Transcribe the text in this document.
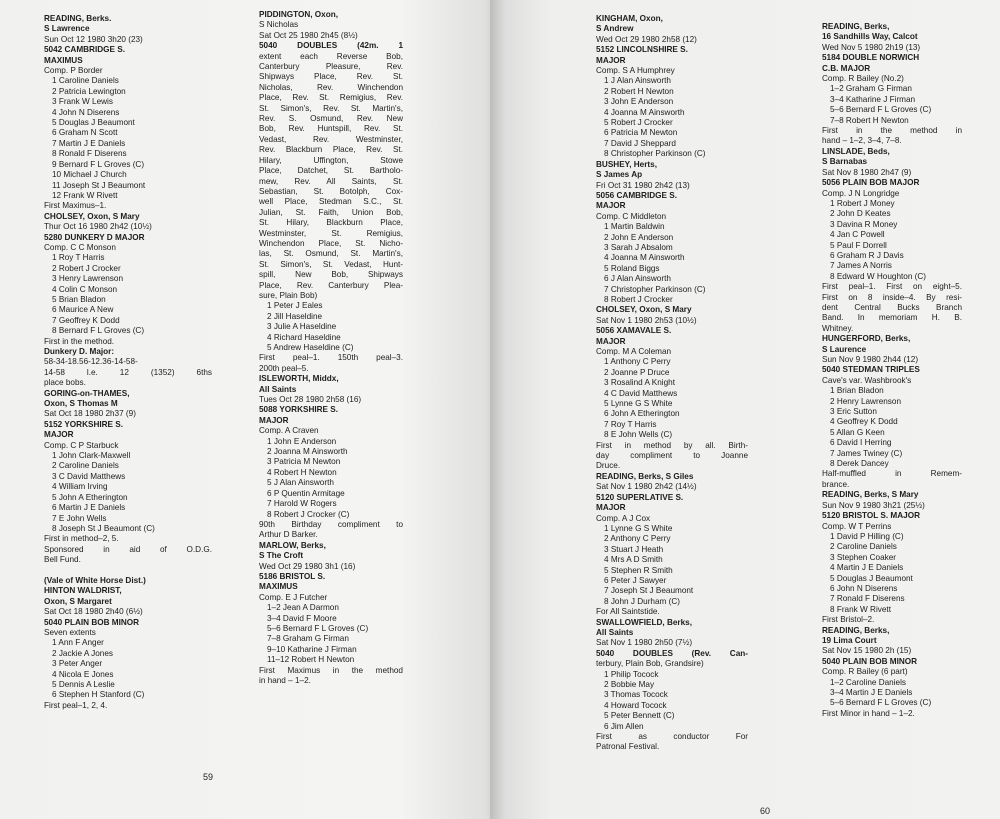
READING, Berks.
S Lawrence
Sun Oct 12 1980 3h20 (23)
5042 CAMBRIDGE S.
MAXIMUS
Comp. P Border
1 Caroline Daniels
2 Patricia Lewington
3 Frank W Lewis
4 John N Diserens
5 Douglas J Beaumont
6 Graham N Scott
7 Martin J E Daniels
8 Ronald F Diserens
9 Bernard F L Groves (C)
10 Michael J Church
11 Joseph St J Beaumont
12 Frank W Rivett
First Maximus–1.
CHOLSEY, Oxon, S Mary
Thur Oct 16 1980 2h42 (10½)
5280 DUNKERY D MAJOR
Comp. C C Monson
1 Roy T Harris
2 Robert J Crocker
3 Henry Lawrenson
4 Colin C Monson
5 Brian Bladon
6 Maurice A New
7 Geoffrey K Dodd
8 Bernard F L Groves (C)
First in the method.
Dunkery D. Major:
58-34-18.56-12.36-14-58-
14-58 l.e. 12 (1352) 6ths
place bobs.
GORING-on-THAMES,
Oxon, S Thomas M
Sat Oct 18 1980 2h37 (9)
5152 YORKSHIRE S.
MAJOR
Comp. C P Starbuck
1 John Clark-Maxwell
2 Caroline Daniels
3 C David Matthews
4 William Irving
5 John A Etherington
6 Martin J E Daniels
7 E John Wells
8 Joseph St J Beaumont (C)
First in method–2, 5.
Sponsored in aid of O.D.G.
Bell Fund.

(Vale of White Horse Dist.)
HINTON WALDRIST,
Oxon, S Margaret
Sat Oct 18 1980 2h40 (6½)
5040 PLAIN BOB MINOR
Seven extents
1 Ann F Anger
2 Jackie A Jones
3 Peter Anger
4 Nicola E Jones
5 Dennis A Leslie
6 Stephen H Stanford (C)
First peal–1, 2, 4.
PIDDINGTON, Oxon,
S Nicholas
Sat Oct 25 1980 2h45 (8½)
5040 DOUBLES (42m. 1
extent each Reverse Bob,
Canterbury Pleasure, Rev.
Shipways Place, Rev. St.
Nicholas, Rev. Winchendon
Place, Rev. St. Remigius, Rev.
St. Simon's, Rev. St. Martin's,
Rev. S. Osmund, Rev. New
Bob, Rev. Huntspill, Rev. St.
Vedast, Rev. Westminster,
Rev. Blackburn Place, Rev. St.
Hilary, Uffington, Stowe
Place, Datchet, St. Bartholo-
mew, Rev. All Saints, St.
Sebastian, St. Botolph, Cox-
well Place, Stedman S.C., St.
Julian, St. Faith, Union Bob,
St. Hilary, Blackburn Place,
Westminster, St. Remigius,
Winchendon Place, St. Nicho-
las, St. Osmund, St. Martin's,
St. Simon's, St. Vedast, Hunt-
spill, New Bob, Shipways
Place, Rev. Canterbury Plea-
sure, Plain Bob)
1 Peter J Eales
2 Jill Haseldine
3 Julie A Haseldine
4 Richard Haseldine
5 Andrew Haseldine (C)
First peal–1. 150th peal–3.
200th peal–5.
ISLEWORTH, Middx,
All Saints
Tues Oct 28 1980 2h58 (16)
5088 YORKSHIRE S.
MAJOR
Comp. A Craven
1 John E Anderson
2 Joanna M Ainsworth
3 Patricia M Newton
4 Robert H Newton
5 J Alan Ainsworth
6 P Quentin Armitage
7 Harold W Rogers
8 Robert J Crocker (C)
90th Birthday compliment to
Arthur D Barker.
MARLOW, Berks,
S The Croft
Wed Oct 29 1980 3h1 (16)
5186 BRISTOL S.
MAXIMUS
Comp. E J Futcher
1–2 Jean A Darmon
3–4 David F Moore
5–6 Bernard F L Groves (C)
7–8 Graham G Firman
9–10 Katharine J Firman
11–12 Robert H Newton
First Maximus in the method
in hand – 1–2.
59
KINGHAM, Oxon,
S Andrew
Wed Oct 29 1980 2h58 (12)
5152 LINCOLNSHIRE S.
MAJOR
Comp. S A Humphrey
1 J Alan Ainsworth
2 Robert H Newton
3 John E Anderson
4 Joanna M Ainsworth
5 Robert J Crocker
6 Patricia M Newton
7 David J Sheppard
8 Christopher Parkinson (C)
BUSHEY, Herts,
S James Ap
Fri Oct 31 1980 2h42 (13)
5056 CAMBRIDGE S.
MAJOR
Comp. C Middleton
1 Martin Baldwin
2 John E Anderson
3 Sarah J Absalom
4 Joanna M Ainsworth
5 Roland Biggs
6 J Alan Ainsworth
7 Christopher Parkinson (C)
8 Robert J Crocker
CHOLSEY, Oxon, S Mary
Sat Nov 1 1980 2h53 (10½)
5056 XAMAVALE S.
MAJOR
Comp. M A Coleman
1 Anthony C Perry
2 Joanne P Druce
3 Rosalind A Knight
4 C David Matthews
5 Lynne G S White
6 John A Etherington
7 Roy T Harris
8 E John Wells (C)
First in method by all. Birth-
day compliment to Joanne
Druce.
READING, Berks, S Giles
Sat Nov 1 1980 2h42 (14½)
5120 SUPERLATIVE S.
MAJOR
Comp. A J Cox
1 Lynne G S White
2 Anthony C Perry
3 Stuart J Heath
4 Mrs A D Smith
5 Stephen R Smith
6 Peter J Sawyer
7 Joseph St J Beaumont
8 John J Durham (C)
For All Saintstide.
SWALLOWFIELD, Berks,
All Saints
Sat Nov 1 1980 2h50 (7½)
5040 DOUBLES (Rev. Can-
terbury, Plain Bob, Grandsire)
1 Philip Tocock
2 Bobbie May
3 Thomas Tocock
4 Howard Tocock
5 Peter Bennett (C)
6 Jim Allen
First as conductor For
Patronal Festival.
READING, Berks,
16 Sandhills Way, Calcot
Wed Nov 5 1980 2h19 (13)
5184 DOUBLE NORWICH
C.B. MAJOR
Comp. R Bailey (No.2)
1–2 Graham G Firman
3–4 Katharine J Firman
5–6 Bernard F L Groves (C)
7–8 Robert H Newton
First in the method in
hand – 1–2, 3–4, 7–8.
LINSLADE, Beds,
S Barnabas
Sat Nov 8 1980 2h47 (9)
5056 PLAIN BOB MAJOR
Comp. J N Longridge
1 Robert J Money
2 John D Keates
3 Davina R Money
4 Jan C Powell
5 Paul F Dorrell
6 Graham R J Davis
7 James A Norris
8 Edward W Houghton (C)
First peal–1. First on eight–5.
First on 8 inside–4. By resi-
dent Central Bucks Branch
Band. In memoriam H. B.
Whitney.
HUNGERFORD, Berks,
S Laurence
Sun Nov 9 1980 2h44 (12)
5040 STEDMAN TRIPLES
Cave's var. Washbrook's
1 Brian Bladon
2 Henry Lawrenson
3 Eric Sutton
4 Geoffrey K Dodd
5 Allan G Keen
6 David I Herring
7 James Twiney (C)
8 Derek Dancey
Half-muffled in Remem-
brance.
READING, Berks, S Mary
Sun Nov 9 1980 3h21 (25½)
5120 BRISTOL S. MAJOR
Comp. W T Perrins
1 David P Hilling (C)
2 Caroline Daniels
3 Stephen Coaker
4 Martin J E Daniels
5 Douglas J Beaumont
6 John N Diserens
7 Ronald F Diserens
8 Frank W Rivett
First Bristol–2.
READING, Berks,
19 Lima Court
Sat Nov 15 1980 2h (15)
5040 PLAIN BOB MINOR
Comp. R Bailey (6 part)
1–2 Caroline Daniels
3–4 Martin J E Daniels
5–6 Bernard F L Groves (C)
First Minor in hand – 1–2.
60
